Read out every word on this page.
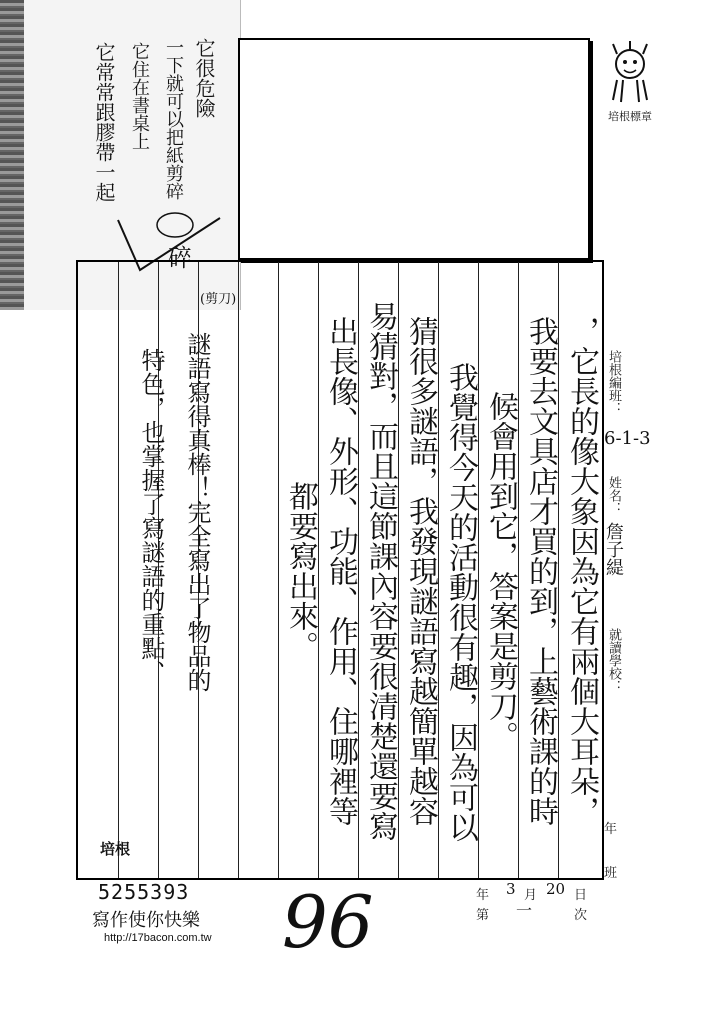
它很危險
一下就可以把紙剪碎
它住在書桌上
它常常跟膠帶一起
碎
(剪刀)
培根標章
，它長的像大象因為它有兩個大耳朵，
我要去文具店才買的到，上藝術課的時
候會用到它，答案是剪刀。
我覺得今天的活動很有趣，因為可以
猜很多謎語，我發現謎語寫越簡單越容
易猜對，而且這節課內容要很清楚還要寫
出長像、外形、功能、作用、住哪裡等
都要寫出來。
謎語寫得真棒！完全寫出了物品的
特色，也掌握了寫謎語的重點、
培根
培根編班：
6-1-3
姓名：
詹子緹
就讀學校：
年
班
5255393
寫作使你快樂
http://17bacon.com.tw 96	年 3 月 20 日
第 一	次
